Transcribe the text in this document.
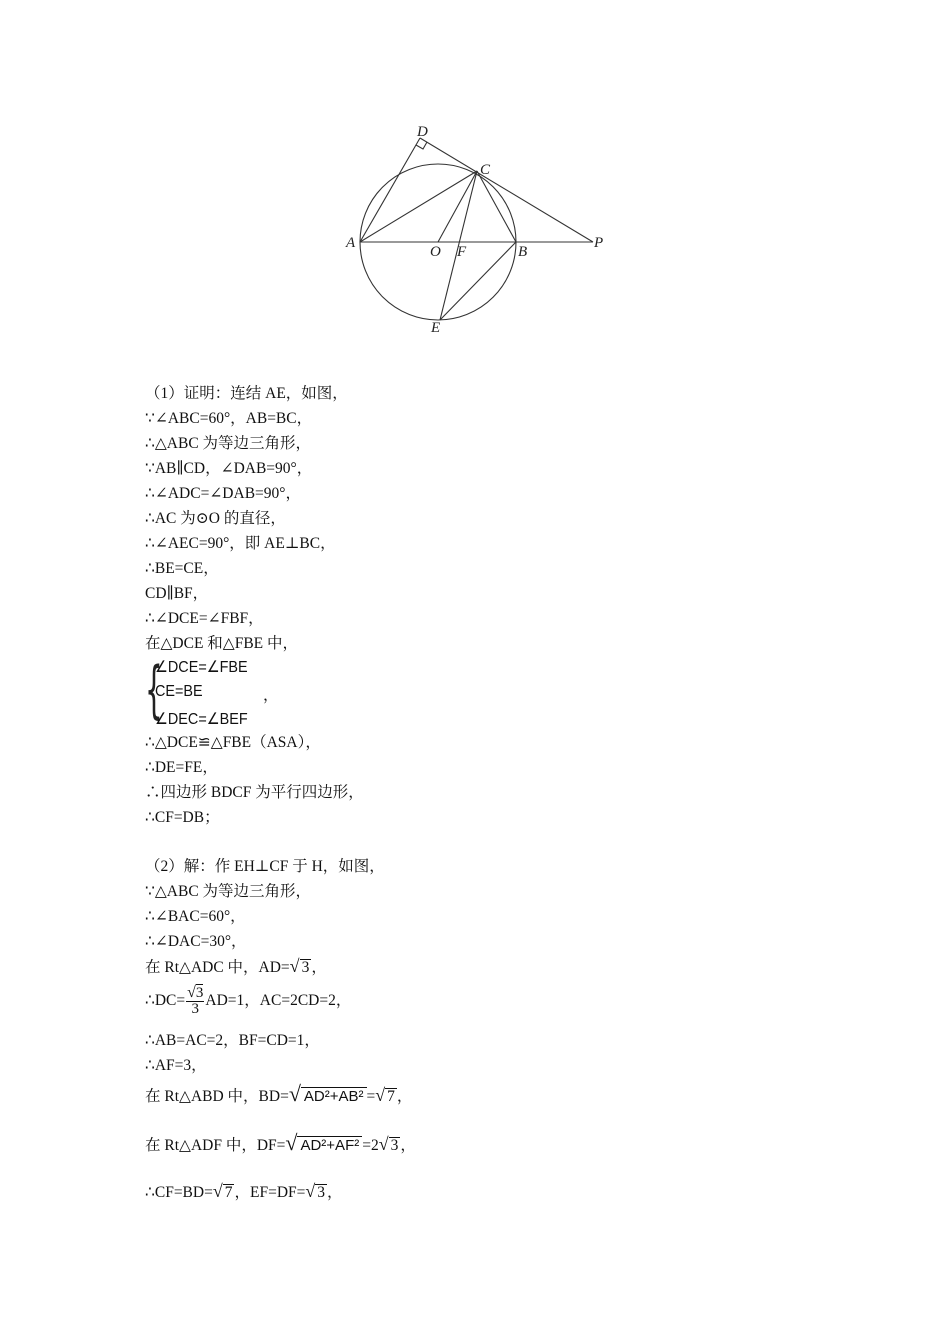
D
C
A
O F	B
P
E
（1）证明：连结 AE，如图，
∵∠ABC=60°，AB=BC，
∴△ABC 为等边三角形，
∵AB∥CD，∠DAB=90°，
∴∠ADC=∠DAB=90°，
∴AC 为⊙O 的直径，
∴∠AEC=90°，即 AE⊥BC，
∴BE=CE，
CD∥BF，
∴∠DCE=∠FBF，
在△DCE 和△FBE 中，
{
∠DCE=∠FBE
CE=BE
∠DEC=∠BEF
，
∴△DCE≌△FBE（ASA），
∴DE=FE，
∴四边形 BDCF 为平行四边形，
∴CF=DB；
（2）解：作 EH⊥CF 于 H，如图，
∵△ABC 为等边三角形，
∴∠BAC=60°，
∴∠DAC=30°，
在 Rt△ADC 中，AD=√ 3 ，
∴DC= $\frac{√3}{3} AD=1$，AC=2CD=2，
∴AB=AC=2，BF=CD=1，
∴AF=3，
在 Rt△ABD 中，BD=√ AD²+AB² =√ 7 ，
在 Rt△ADF 中，DF=√ AD²+AF² =2√ 3 ，
∴CF=BD=√ 7 ，EF=DF=√ 3 ，
